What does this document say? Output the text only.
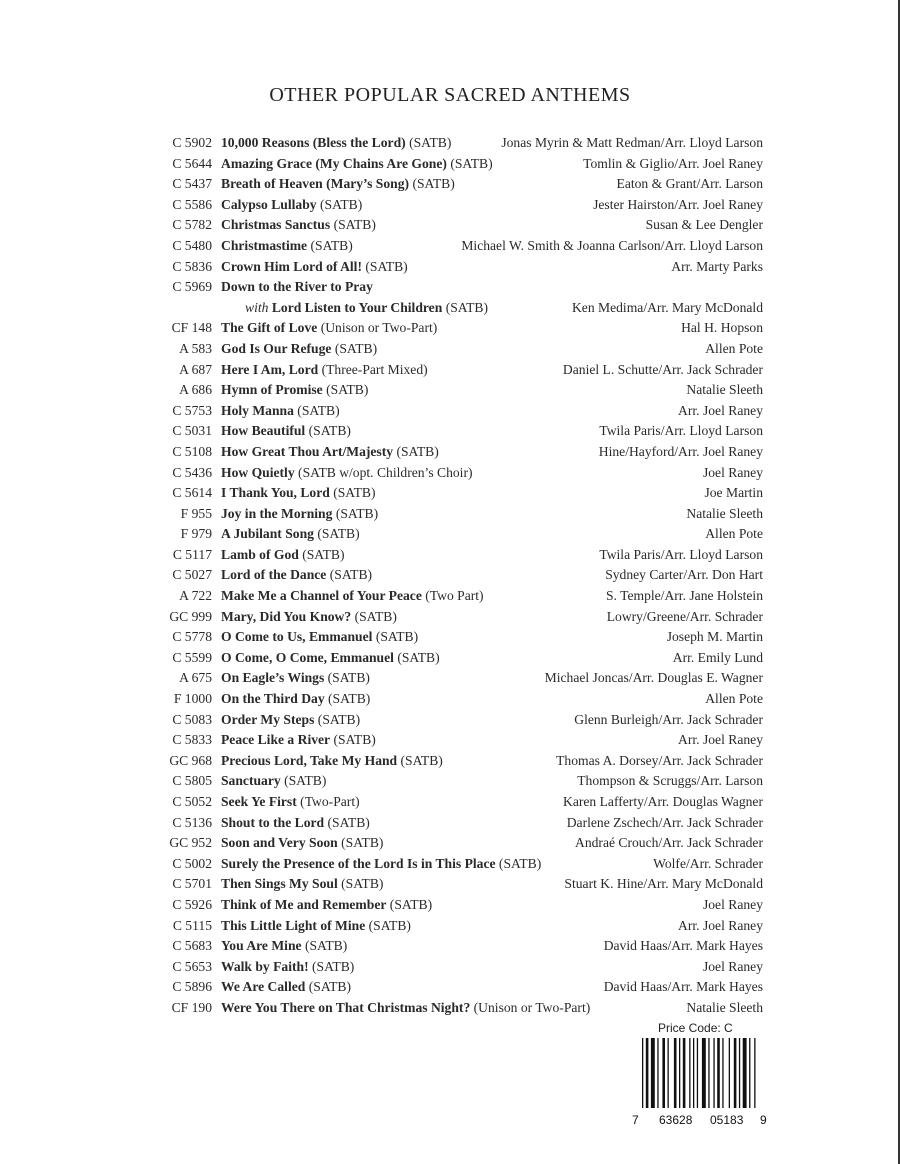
OTHER POPULAR SACRED ANTHEMS
C 5902 10,000 Reasons (Bless the Lord) (SATB)	Jonas Myrin & Matt Redman/Arr. Lloyd Larson
C 5644 Amazing Grace (My Chains Are Gone) (SATB)	Tomlin & Giglio/Arr. Joel Raney
C 5437 Breath of Heaven (Mary’s Song) (SATB)	Eaton & Grant/Arr. Larson
C 5586 Calypso Lullaby (SATB)	Jester Hairston/Arr. Joel Raney
C 5782 Christmas Sanctus (SATB)	Susan & Lee Dengler
C 5480 Christmastime (SATB)	Michael W. Smith & Joanna Carlson/Arr. Lloyd Larson
C 5836 Crown Him Lord of All! (SATB)	Arr. Marty Parks
C 5969 Down to the River to Pray
with Lord Listen to Your Children (SATB)	Ken Medima/Arr. Mary McDonald
CF 148 The Gift of Love (Unison or Two-Part)	Hal H. Hopson
A 583 God Is Our Refuge (SATB)	Allen Pote
A 687 Here I Am, Lord (Three-Part Mixed)	Daniel L. Schutte/Arr. Jack Schrader
A 686 Hymn of Promise (SATB)	Natalie Sleeth
C 5753 Holy Manna (SATB)	Arr. Joel Raney
C 5031 How Beautiful (SATB)	Twila Paris/Arr. Lloyd Larson
C 5108 How Great Thou Art/Majesty (SATB)	Hine/Hayford/Arr. Joel Raney
C 5436 How Quietly (SATB w/opt. Children’s Choir)	Joel Raney
C 5614 I Thank You, Lord (SATB)	Joe Martin
F 955 Joy in the Morning (SATB)	Natalie Sleeth
F 979 A Jubilant Song (SATB)	Allen Pote
C 5117 Lamb of God (SATB)	Twila Paris/Arr. Lloyd Larson
C 5027 Lord of the Dance (SATB)	Sydney Carter/Arr. Don Hart
A 722 Make Me a Channel of Your Peace (Two Part)	S. Temple/Arr. Jane Holstein
GC 999 Mary, Did You Know? (SATB)	Lowry/Greene/Arr. Schrader
C 5778 O Come to Us, Emmanuel (SATB)	Joseph M. Martin
C 5599 O Come, O Come, Emmanuel (SATB)	Arr. Emily Lund
A 675 On Eagle’s Wings (SATB)	Michael Joncas/Arr. Douglas E. Wagner
F 1000 On the Third Day (SATB)	Allen Pote
C 5083 Order My Steps (SATB)	Glenn Burleigh/Arr. Jack Schrader
C 5833 Peace Like a River (SATB)	Arr. Joel Raney
GC 968 Precious Lord, Take My Hand (SATB)	Thomas A. Dorsey/Arr. Jack Schrader
C 5805 Sanctuary (SATB)	Thompson & Scruggs/Arr. Larson
C 5052 Seek Ye First (Two-Part)	Karen Lafferty/Arr. Douglas Wagner
C 5136 Shout to the Lord (SATB)	Darlene Zschech/Arr. Jack Schrader
GC 952 Soon and Very Soon (SATB)	Andraé Crouch/Arr. Jack Schrader
C 5002 Surely the Presence of the Lord Is in This Place (SATB)	Wolfe/Arr. Schrader
C 5701 Then Sings My Soul (SATB)	Stuart K. Hine/Arr. Mary McDonald
C 5926 Think of Me and Remember (SATB)	Joel Raney
C 5115 This Little Light of Mine (SATB)	Arr. Joel Raney
C 5683 You Are Mine (SATB)	David Haas/Arr. Mark Hayes
C 5653 Walk by Faith! (SATB)	Joel Raney
C 5896 We Are Called (SATB)	David Haas/Arr. Mark Hayes
CF 190 Were You There on That Christmas Night? (Unison or Two-Part)	Natalie Sleeth
Price Code: C
7 63628 05183 9
